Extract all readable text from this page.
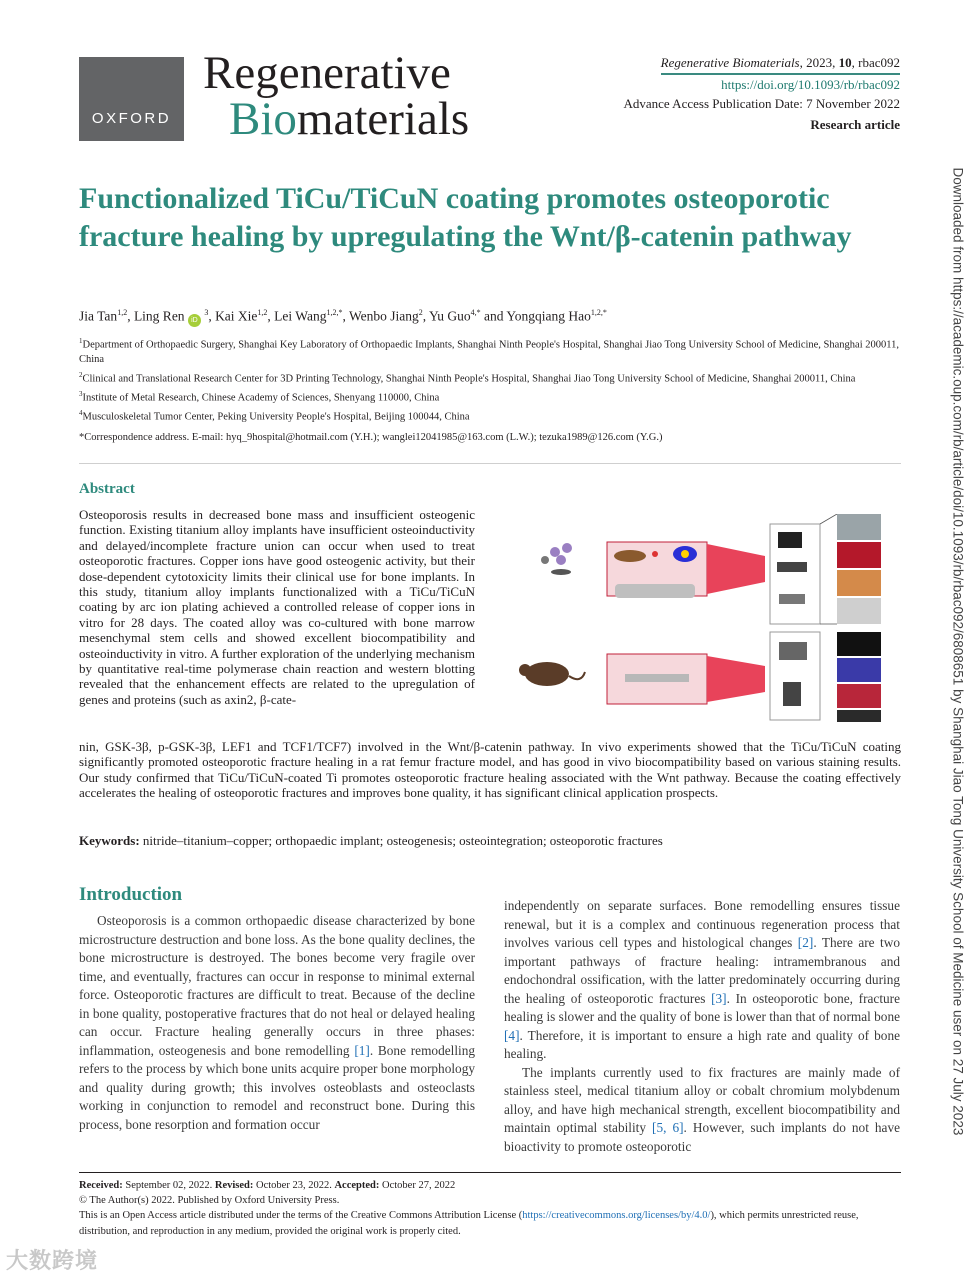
OXFORD
Regenerative
Biomaterials
Regenerative Biomaterials, 2023, 10, rbac092
https://doi.org/10.1093/rb/rbac092
Advance Access Publication Date: 7 November 2022
Research article
Functionalized TiCu/TiCuN coating promotes osteoporotic fracture healing by upregulating the Wnt/β-catenin pathway
Jia Tan$^{1,2}$, Ling Ren iD $^3$, Kai Xie$^{1,2}$, Lei Wang$^{1,2,*}$, Wenbo Jiang$^2$, Yu Guo$^{4,*}$ and Yongqiang Hao$^{1,2,*}$

$^1$Department of Orthopaedic Surgery, Shanghai Key Laboratory of Orthopaedic Implants, Shanghai Ninth People's Hospital, Shanghai Jiao Tong University School of Medicine, Shanghai 200011, China

$^2$Clinical and Translational Research Center for 3D Printing Technology, Shanghai Ninth People's Hospital, Shanghai Jiao Tong University School of Medicine, Shanghai 200011, China

$^3$Institute of Metal Research, Chinese Academy of Sciences, Shenyang 110000, China

$^4$Musculoskeletal Tumor Center, Peking University People's Hospital, Beijing 100044, China

*Correspondence address. E-mail: hyq_9hospital@hotmail.com (Y.H.); wanglei12041985@163.com (L.W.); tezuka1989@126.com (Y.G.)
Abstract
Osteoporosis results in decreased bone mass and insufficient osteogenic function. Existing titanium alloy implants have insufficient osteoinductivity and delayed/incomplete fracture union can occur when used to treat osteoporotic fractures. Copper ions have good osteogenic activity, but their dose-dependent cytotoxicity limits their clinical use for bone implants. In this study, titanium alloy implants functionalized with a TiCu/TiCuN coating by arc ion plating achieved a controlled release of copper ions in vitro for 28 days. The coated alloy was co-cultured with bone marrow mesenchymal stem cells and showed excellent biocompatibility and osteoinductivity in vitro. A further exploration of the underlying mechanism by quantitative real-time polymerase chain reaction and western blotting revealed that the enhancement effects are related to the upregulation of genes and proteins (such as axin2, β-cate-
nin, GSK-3β, p-GSK-3β, LEF1 and TCF1/TCF7) involved in the Wnt/β-catenin pathway. In vivo experiments showed that the TiCu/TiCuN coating significantly promoted osteoporotic fracture healing in a rat femur fracture model, and has good in vivo biocompatibility based on various staining results. Our study confirmed that TiCu/TiCuN-coated Ti promotes osteoporotic fracture healing associated with the Wnt pathway. Because the coating effectively accelerates the healing of osteoporotic fractures and improves bone quality, it has significant clinical application prospects.
Keywords: nitride–titanium–copper; orthopaedic implant; osteogenesis; osteointegration; osteoporotic fractures
Introduction

Osteoporosis is a common orthopaedic disease characterized by bone microstructure destruction and bone loss. As the bone quality declines, the bone microstructure is destroyed. The bones become very fragile over time, and eventually, fractures can occur in response to minimal external force. Osteoporotic fractures are difficult to treat. Because of the decline in bone quality, postoperative fractures that do not heal or delayed healing can occur. Fracture healing generally occurs in three phases: inflammation, osteogenesis and bone remodelling [1]. Bone remodelling refers to the process by which bone units acquire proper bone morphology and quality during growth; this involves osteoblasts and osteoclasts working in conjunction to remodel and reconstruct bone. During this process, bone resorption and formation occur

independently on separate surfaces. Bone remodelling ensures tissue renewal, but it is a complex and continuous regeneration process that involves various cell types and histological changes [2]. There are two important pathways of fracture healing: intramembranous and endochondral ossification, with the latter predominately occurring during the healing of osteoporotic fractures [3]. In osteoporotic bone, fracture healing is slower and the quality of bone is lower than that of normal bone [4]. Therefore, it is important to ensure a high rate and quality of bone healing.

The implants currently used to fix fractures are mainly made of stainless steel, medical titanium alloy or cobalt chromium molybdenum alloy, and have high mechanical strength, excellent biocompatibility and maintain optimal stability [5, 6]. However, such implants do not have bioactivity to promote osteoporotic

Received: September 02, 2022. Revised: October 23, 2022. Accepted: October 27, 2022

© The Author(s) 2022. Published by Oxford University Press.

This is an Open Access article distributed under the terms of the Creative Commons Attribution License (https://creativecommons.org/licenses/by/4.0/), which permits unrestricted reuse, distribution, and reproduction in any medium, provided the original work is properly cited.

Downloaded from https://academic.oup.com/rb/article/doi/10.1093/rb/rbac092/6808651 by Shanghai Jiao Tong University School of Medicine user on 27 July 2023
大数跨境
